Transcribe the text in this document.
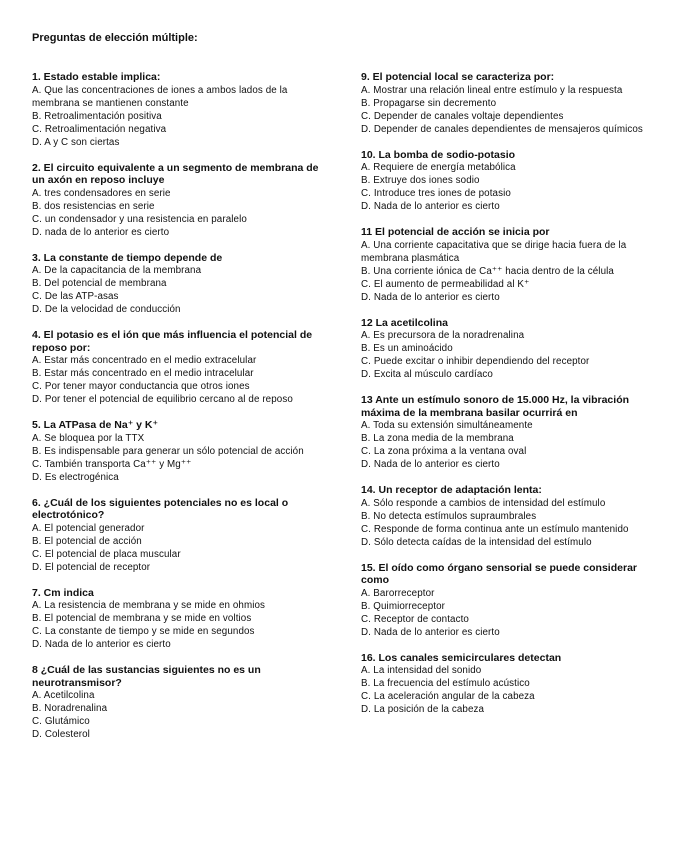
Preguntas de elección múltiple:

1. Estado estable implica:

A. Que las concentraciones de iones a ambos lados de la membrana se mantienen constante

B. Retroalimentación positiva

C. Retroalimentación negativa

D. A y C son ciertas

2. El circuito equivalente a un segmento de membrana de un axón en reposo incluye

A. tres condensadores en serie

B. dos resistencias en serie

C. un condensador y una resistencia en paralelo

D. nada de lo anterior es cierto

3. La constante de tiempo depende de

A. De la capacitancia de la membrana

B. Del potencial de membrana

C. De las ATP-asas

D. De la velocidad de conducción

4. El potasio es el ión que más influencia el potencial de reposo por:

A. Estar más concentrado en el medio extracelular

B. Estar más concentrado en el medio intracelular

C. Por tener mayor conductancia que otros iones

D. Por tener el potencial de equilibrio cercano al de reposo

5. La ATPasa de Na⁺ y K⁺

A. Se bloquea por la TTX

B. Es indispensable para generar un sólo potencial de acción

C. También transporta Ca⁺⁺ y Mg⁺⁺

D. Es electrogénica

6. ¿Cuál de los siguientes potenciales no es local o electrotónico?

A. El potencial generador

B. El potencial de acción

C. El potencial de placa muscular

D. El potencial de receptor

7. Cm indica

A. La resistencia de membrana y se mide en ohmios

B. El potencial de membrana y se mide en voltios

C. La constante de tiempo y se mide en segundos

D. Nada de lo anterior es cierto

8 ¿Cuál de las sustancias siguientes no es un neurotransmisor?

A. Acetilcolina

B. Noradrenalina

C. Glutámico

D. Colesterol

9. El potencial local se caracteriza por:

A. Mostrar una relación lineal entre estímulo y la respuesta

B. Propagarse sin decremento

C. Depender de canales voltaje dependientes

D. Depender de canales dependientes de mensajeros químicos

10. La bomba de sodio-potasio

A. Requiere de energía metabólica

B. Extruye dos iones sodio

C. Introduce tres iones de potasio

D. Nada de lo anterior es cierto

11 El potencial de acción se inicia por

A. Una corriente capacitativa que se dirige hacia fuera de la membrana plasmática

B. Una corriente iónica de Ca⁺⁺ hacia dentro de la célula

C. El aumento de permeabilidad al K⁺

D. Nada de lo anterior es cierto

12 La acetilcolina

A. Es precursora de la noradrenalina

B. Es un aminoácido

C. Puede excitar o inhibir dependiendo del receptor

D. Excita al músculo cardíaco

13 Ante un estímulo sonoro de 15.000 Hz, la vibración máxima de la membrana basilar ocurrirá en

A. Toda su extensión simultáneamente

B. La zona media de la membrana

C. La zona próxima a la ventana oval

D. Nada de lo anterior es cierto

14. Un receptor de adaptación lenta:

A. Sólo responde a cambios de intensidad del estímulo

B. No detecta estímulos supraumbrales

C. Responde de forma continua ante un estímulo mantenido

D. Sólo detecta caídas de la intensidad del estímulo

15. El oído como órgano sensorial se puede considerar como

A. Barorreceptor

B. Quimiorreceptor

C. Receptor de contacto

D. Nada de lo anterior es cierto

16. Los canales semicirculares detectan

A. La intensidad del sonido

B. La frecuencia del estímulo acústico

C. La aceleración angular de la cabeza

D. La posición de la cabeza
